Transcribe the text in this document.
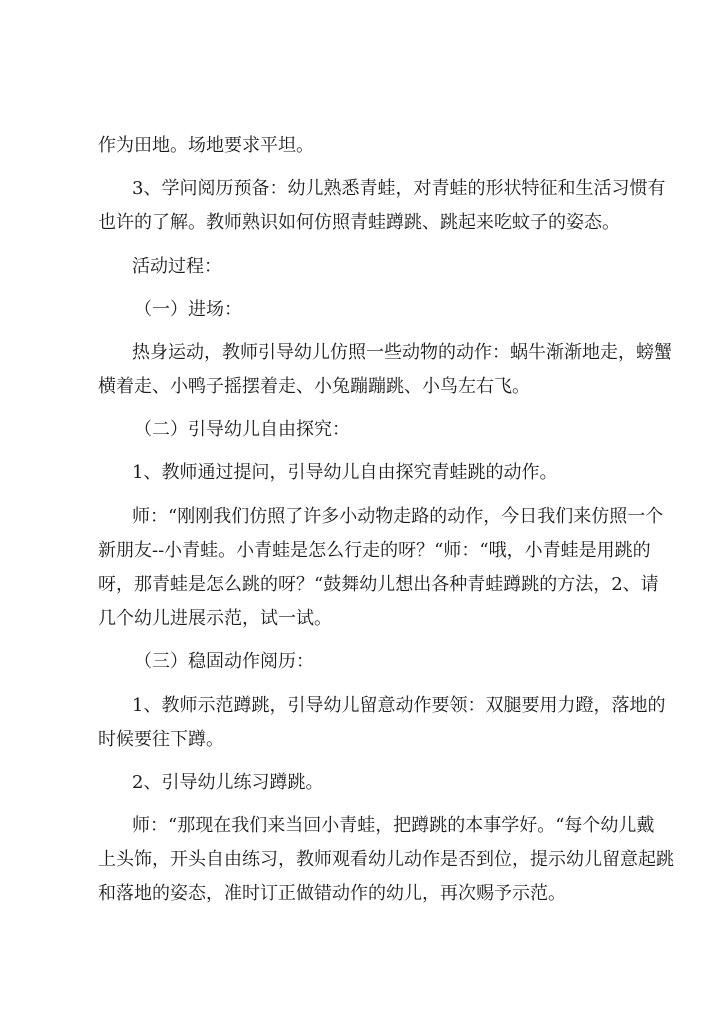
作为田地。场地要求平坦。
3、学问阅历预备：幼儿熟悉青蛙，对青蛙的形状特征和生活习惯有
也许的了解。教师熟识如何仿照青蛙蹲跳、跳起来吃蚊子的姿态。
活动过程：
（一）进场：
热身运动，教师引导幼儿仿照一些动物的动作：蜗牛渐渐地走，螃蟹
横着走、小鸭子摇摆着走、小兔蹦蹦跳、小鸟左右飞。
（二）引导幼儿自由探究：
1、教师通过提问，引导幼儿自由探究青蛙跳的动作。
师：“刚刚我们仿照了许多小动物走路的动作，今日我们来仿照一个
新朋友--小青蛙。小青蛙是怎么行走的呀？“师：“哦，小青蛙是用跳的
呀，那青蛙是怎么跳的呀？“鼓舞幼儿想出各种青蛙蹲跳的方法，2、请
几个幼儿进展示范，试一试。
（三）稳固动作阅历：
1、教师示范蹲跳，引导幼儿留意动作要领：双腿要用力蹬，落地的
时候要往下蹲。
2、引导幼儿练习蹲跳。
师：“那现在我们来当回小青蛙，把蹲跳的本事学好。“每个幼儿戴
上头饰，开头自由练习，教师观看幼儿动作是否到位，提示幼儿留意起跳
和落地的姿态，准时订正做错动作的幼儿，再次赐予示范。
